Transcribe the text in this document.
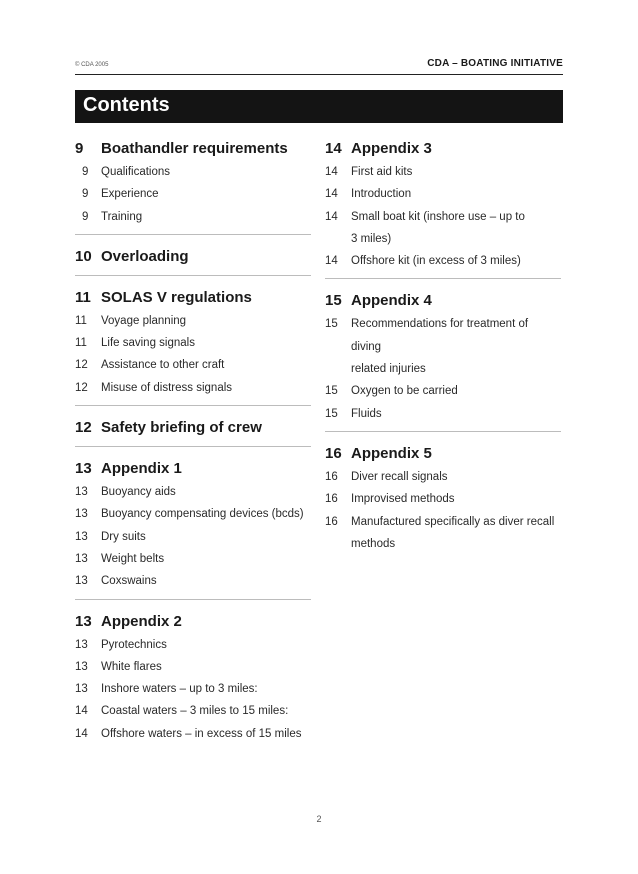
© CDA 2005	CDA – BOATING INITIATIVE
Contents
9	Boathandler requirements
9	Qualifications
9	Experience
9	Training
10 Overloading
11 SOLAS V regulations
11	Voyage planning
11	Life saving signals
12	Assistance to other craft
12	Misuse of distress signals
12 Safety briefing of crew
13 Appendix 1
13	Buoyancy aids
13	Buoyancy compensating devices (bcds)
13	Dry suits
13	Weight belts
13	Coxswains
13 Appendix 2
13	Pyrotechnics
13	White flares
13	Inshore waters – up to 3 miles:
14	Coastal waters – 3 miles to 15 miles:
14	Offshore waters – in excess of 15 miles
14 Appendix 3
14	First aid kits
14	Introduction
14	Small boat kit (inshore use – up to
3 miles)
14	Offshore kit (in excess of 3 miles)
15 Appendix 4
15	Recommendations for treatment of diving
related injuries
15	Oxygen to be carried
15	Fluids
16 Appendix 5
16	Diver recall signals
16	Improvised methods
16	Manufactured specifically as diver recall
methods
2
